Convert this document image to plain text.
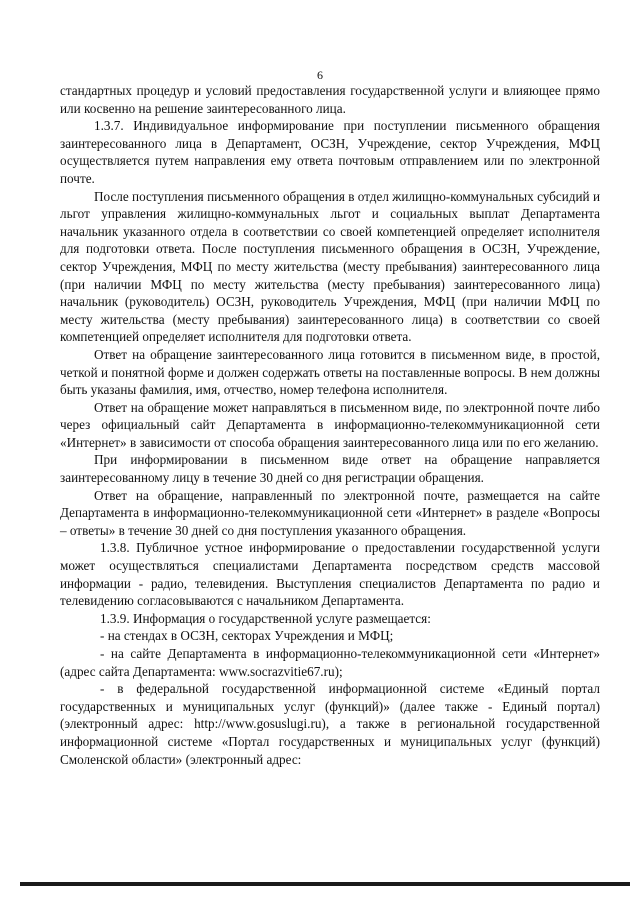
6

стандартных процедур и условий предоставления государственной услуги и влияющее прямо или косвенно на решение заинтересованного лица.

1.3.7. Индивидуальное информирование при поступлении письменного обращения заинтересованного лица в Департамент, ОСЗН, Учреждение, сектор Учреждения, МФЦ осуществляется путем направления ему ответа почтовым отправлением или по электронной почте.

После поступления письменного обращения в отдел жилищно-коммунальных субсидий и льгот управления жилищно-коммунальных льгот и социальных выплат Департамента начальник указанного отдела в соответствии со своей компетенцией определяет исполнителя для подготовки ответа. После поступления письменного обращения в ОСЗН, Учреждение, сектор Учреждения, МФЦ по месту жительства (месту пребывания) заинтересованного лица (при наличии МФЦ по месту жительства (месту пребывания) заинтересованного лица) начальник (руководитель) ОСЗН, руководитель Учреждения, МФЦ (при наличии МФЦ по месту жительства (месту пребывания) заинтересованного лица) в соответствии со своей компетенцией определяет исполнителя для подготовки ответа.

Ответ на обращение заинтересованного лица готовится в письменном виде, в простой, четкой и понятной форме и должен содержать ответы на поставленные вопросы. В нем должны быть указаны фамилия, имя, отчество, номер телефона исполнителя.

Ответ на обращение может направляться в письменном виде, по электронной почте либо через официальный сайт Департамента в информационно-телекоммуникационной сети «Интернет» в зависимости от способа обращения заинтересованного лица или по его желанию.

При информировании в письменном виде ответ на обращение направляется заинтересованному лицу в течение 30 дней со дня регистрации обращения.

Ответ на обращение, направленный по электронной почте, размещается на сайте Департамента в информационно-телекоммуникационной сети «Интернет» в разделе «Вопросы – ответы» в течение 30 дней со дня поступления указанного обращения.

1.3.8. Публичное устное информирование о предоставлении государственной услуги может осуществляться специалистами Департамента посредством средств массовой информации - радио, телевидения. Выступления специалистов Департамента по радио и телевидению согласовываются с начальником Департамента.

1.3.9. Информация о государственной услуге размещается:

- на стендах в ОСЗН, секторах Учреждения и МФЦ;

- на сайте Департамента в информационно-телекоммуникационной сети «Интернет» (адрес сайта Департамента: www.socrazvitie67.ru);

- в федеральной государственной информационной системе «Единый портал государственных и муниципальных услуг (функций)» (далее также - Единый портал) (электронный адрес: http://www.gosuslugi.ru), а также в региональной государственной информационной системе «Портал государственных и муниципальных услуг (функций) Смоленской области» (электронный адрес:
